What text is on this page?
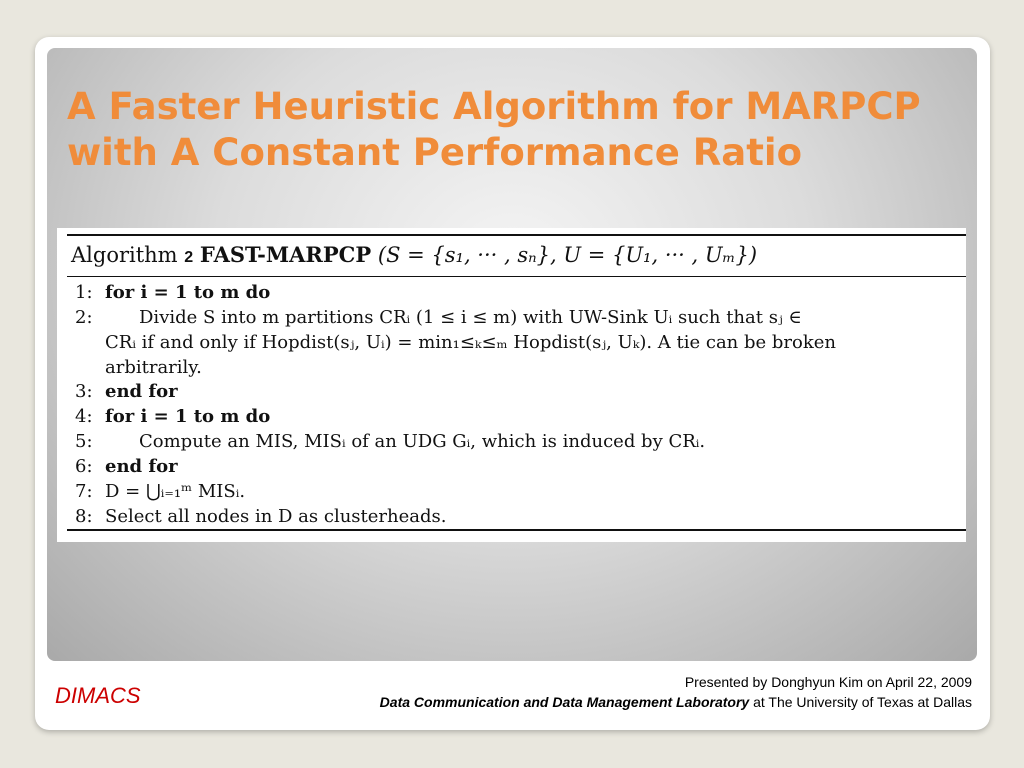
A Faster Heuristic Algorithm for MARPCP
with A Constant Performance Ratio
Algorithm 2 FAST-MARPCP (S = {s₁, ··· , sₙ}, U = {U₁, ··· , Uₘ})
1: for i = 1 to m do
2:	Divide S into m partitions CRᵢ (1 ≤ i ≤ m) with UW-Sink Uᵢ such that sⱼ ∈
CRᵢ if and only if Hopdist(sⱼ, Uᵢ) = min₁≤ₖ≤ₘ Hopdist(sⱼ, Uₖ). A tie can be broken
arbitrarily.
3: end for
4: for i = 1 to m do
5:	Compute an MIS, MISᵢ of an UDG Gᵢ, which is induced by CRᵢ.
6: end for
7: D = ⋃ᵢ₌₁ᵐ MISᵢ.
8: Select all nodes in D as clusterheads.
DIMACS
Presented by Donghyun Kim on April 22, 2009
Data Communication and Data Management Laboratory at The University of Texas at Dallas
